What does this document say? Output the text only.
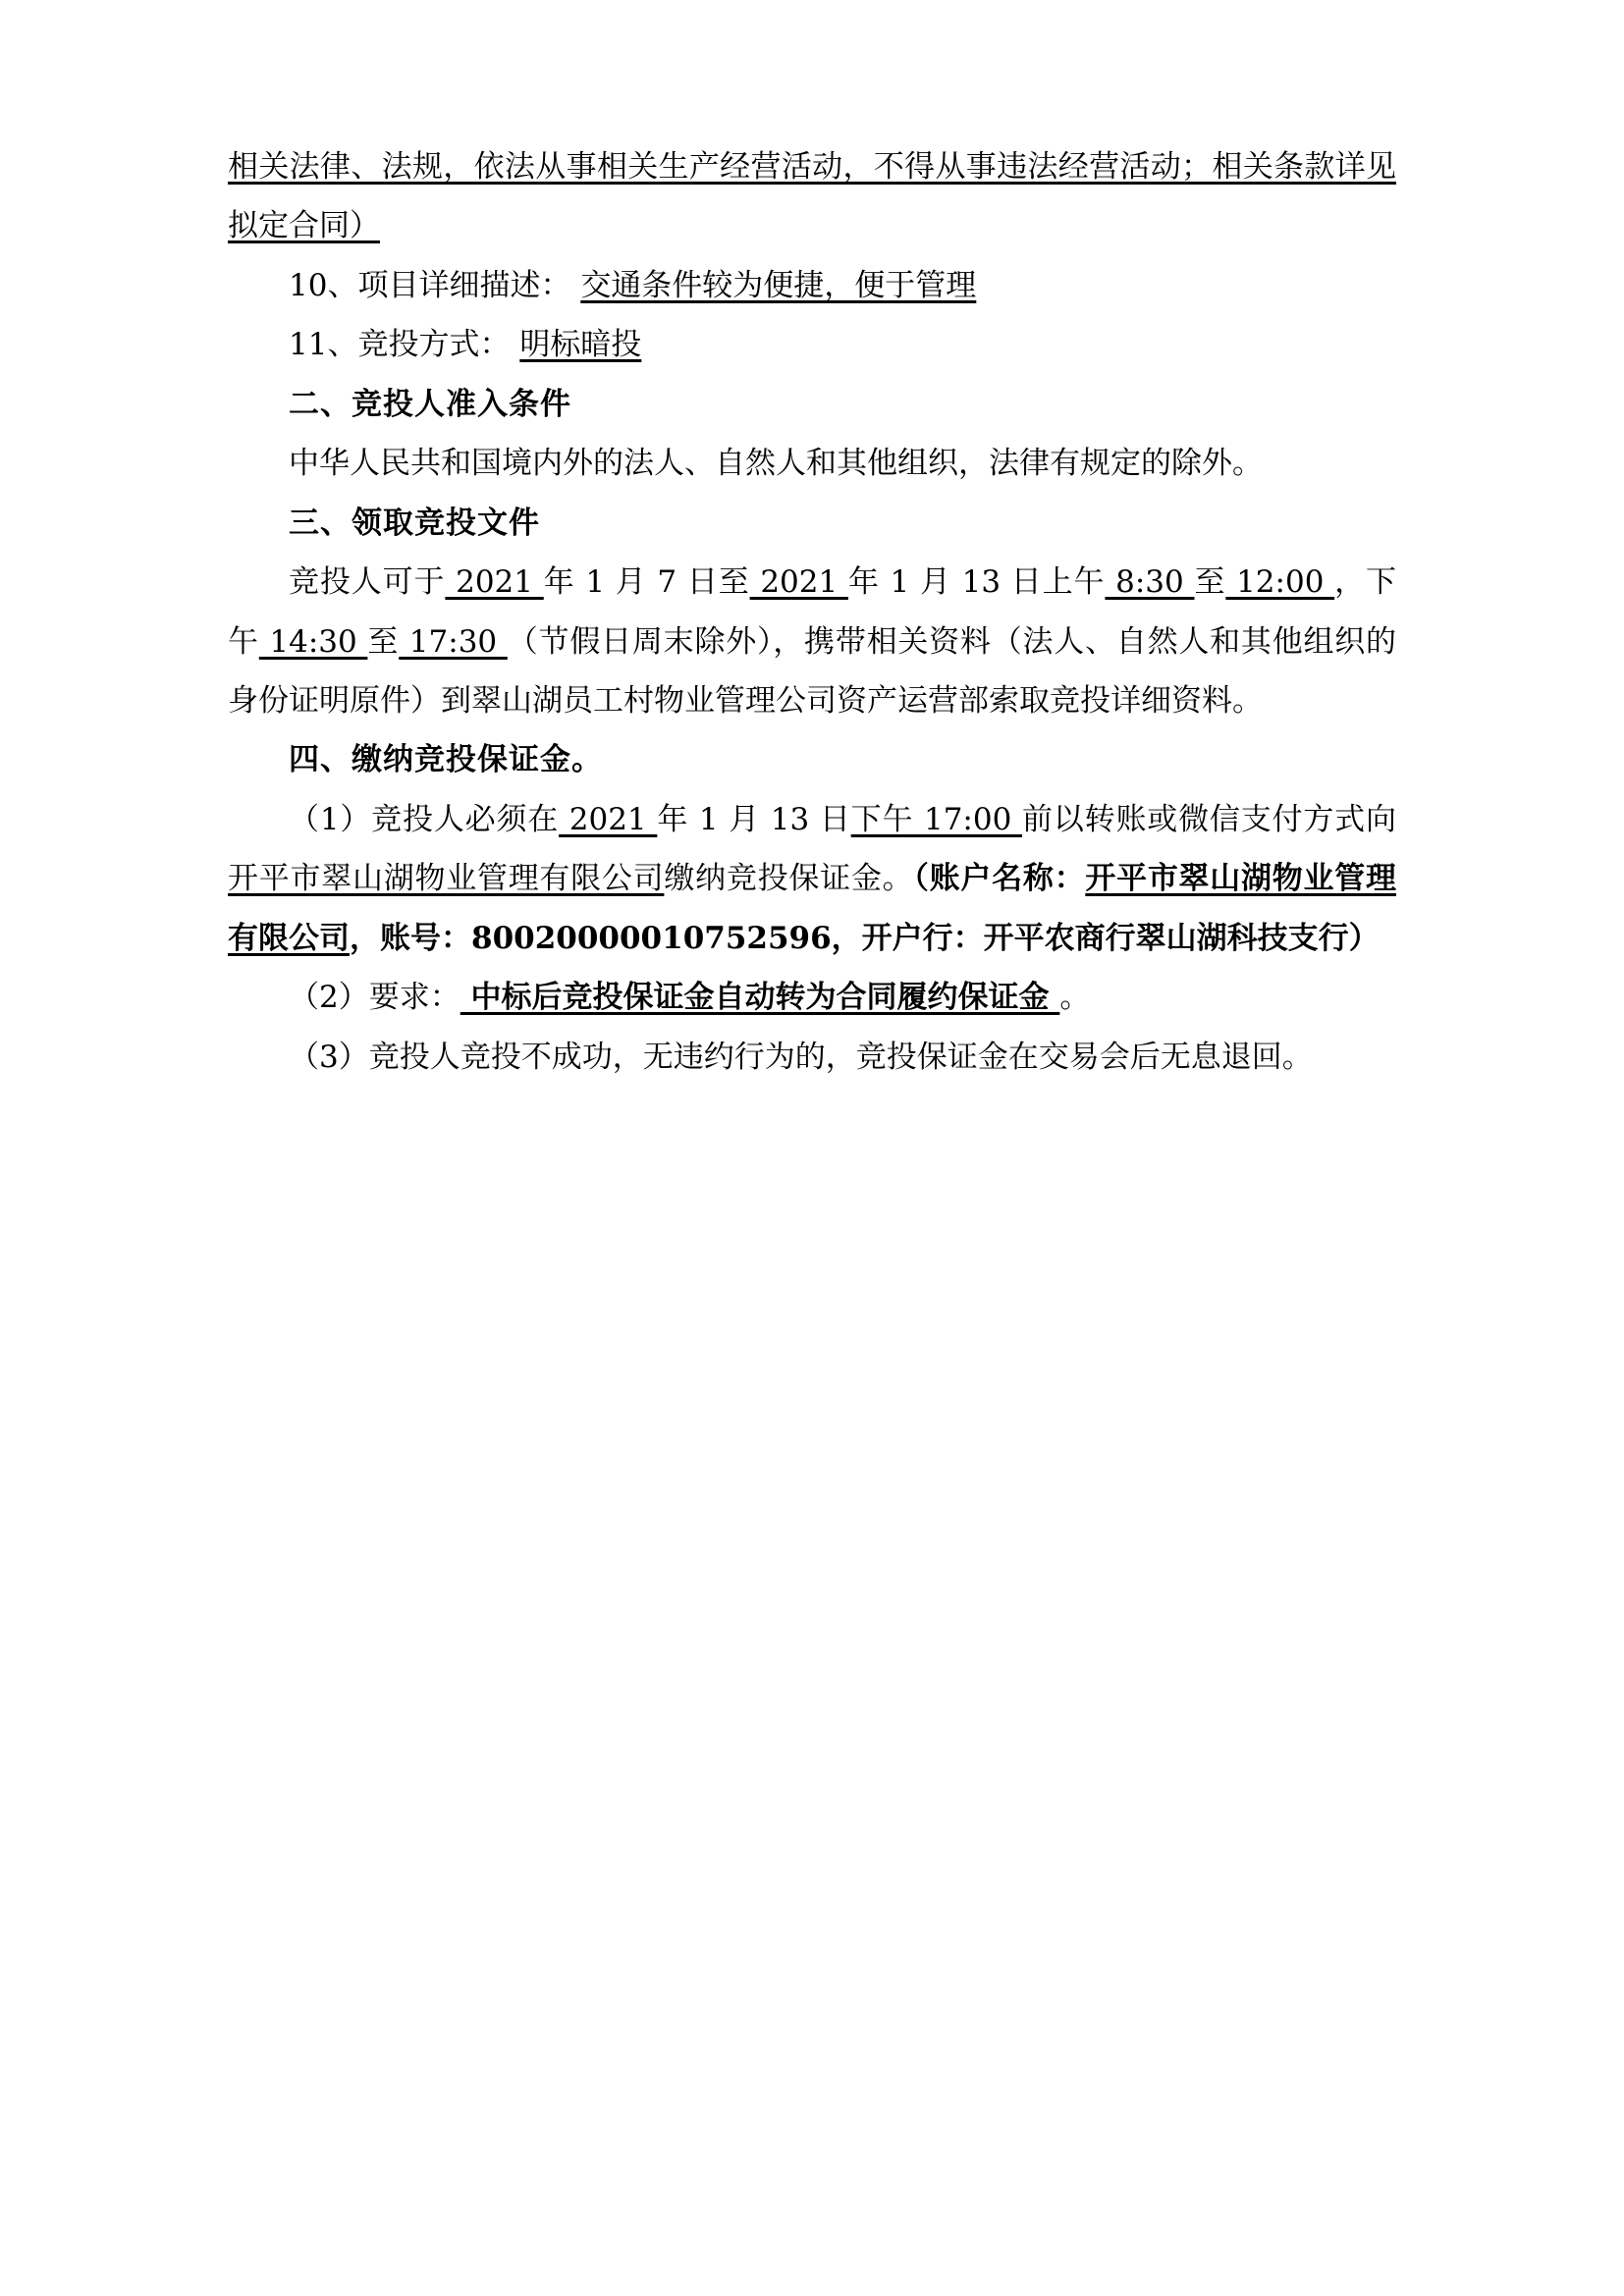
相关法律、法规，依法从事相关生产经营活动，不得从事违法经营活动；相关条款详见拟定合同）

10、项目详细描述： 交通条件较为便捷，便于管理

11、竞投方式： 明标暗投

二、竞投人准入条件

中华人民共和国境内外的法人、自然人和其他组织，法律有规定的除外。

三、领取竞投文件

竞投人可于 2021 年 1 月 7 日至 2021 年 1 月 13 日上午 8:30 至 12:00 ，下午 14:30 至 17:30 （节假日周末除外），携带相关资料（法人、自然人和其他组织的身份证明原件）到翠山湖员工村物业管理公司资产运营部索取竞投详细资料。

四、缴纳竞投保证金。

（1）竞投人必须在 2021 年 1 月 13 日下午 17:00 前以转账或微信支付方式向开平市翠山湖物业管理有限公司缴纳竞投保证金。（账户名称：开平市翠山湖物业管理有限公司，账号：80020000010752596，开户行：开平农商行翠山湖科技支行）

（2）要求： 中标后竞投保证金自动转为合同履约保证金 。

（3）竞投人竞投不成功，无违约行为的，竞投保证金在交易会后无息退回。
